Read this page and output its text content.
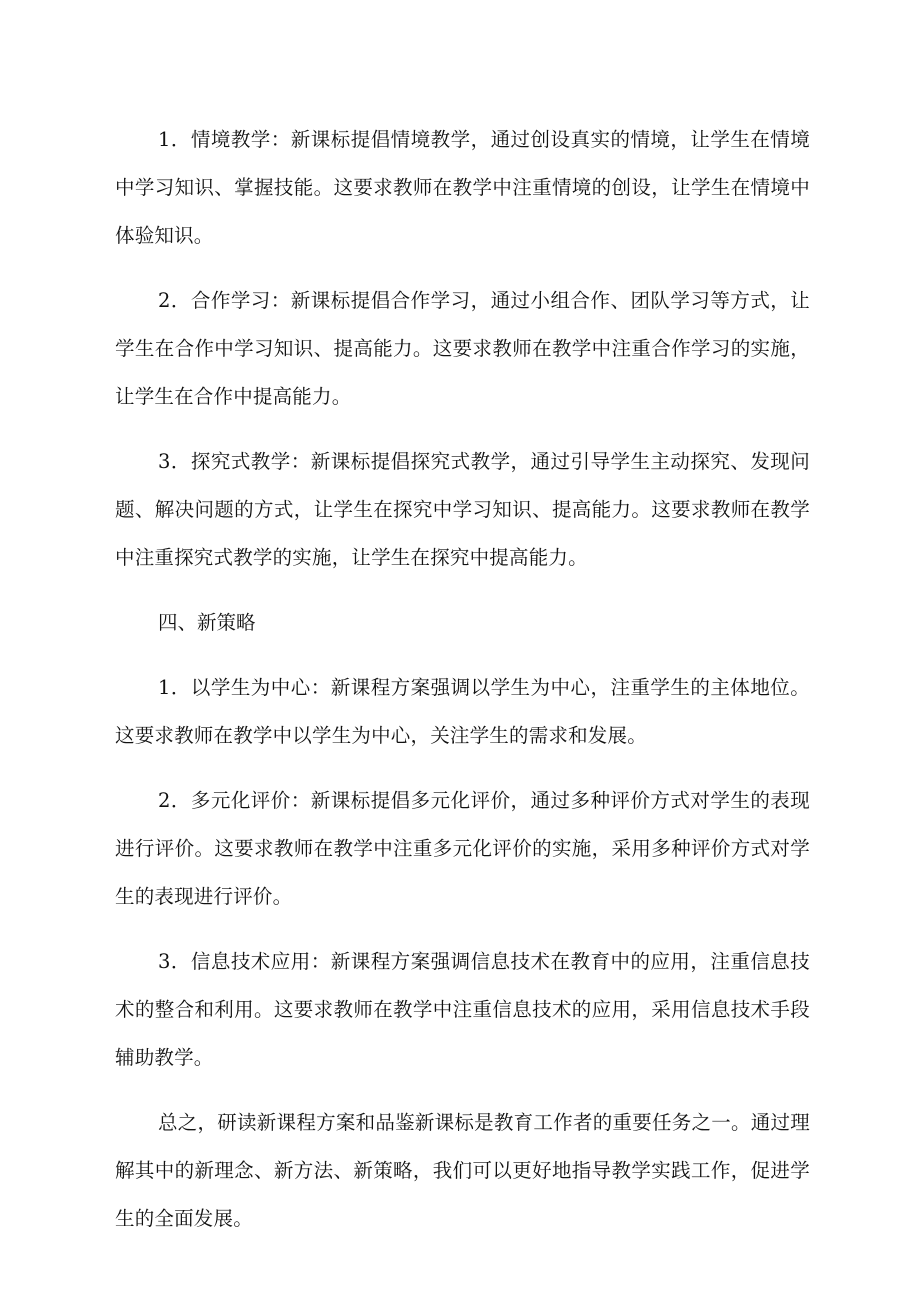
1．情境教学：新课标提倡情境教学，通过创设真实的情境，让学生在情境中学习知识、掌握技能。这要求教师在教学中注重情境的创设，让学生在情境中体验知识。

2．合作学习：新课标提倡合作学习，通过小组合作、团队学习等方式，让学生在合作中学习知识、提高能力。这要求教师在教学中注重合作学习的实施，让学生在合作中提高能力。

3．探究式教学：新课标提倡探究式教学，通过引导学生主动探究、发现问题、解决问题的方式，让学生在探究中学习知识、提高能力。这要求教师在教学中注重探究式教学的实施，让学生在探究中提高能力。

四、新策略

1．以学生为中心：新课程方案强调以学生为中心，注重学生的主体地位。这要求教师在教学中以学生为中心，关注学生的需求和发展。

2．多元化评价：新课标提倡多元化评价，通过多种评价方式对学生的表现进行评价。这要求教师在教学中注重多元化评价的实施，采用多种评价方式对学生的表现进行评价。

3．信息技术应用：新课程方案强调信息技术在教育中的应用，注重信息技术的整合和利用。这要求教师在教学中注重信息技术的应用，采用信息技术手段辅助教学。

总之，研读新课程方案和品鉴新课标是教育工作者的重要任务之一。通过理解其中的新理念、新方法、新策略，我们可以更好地指导教学实践工作，促进学生的全面发展。
